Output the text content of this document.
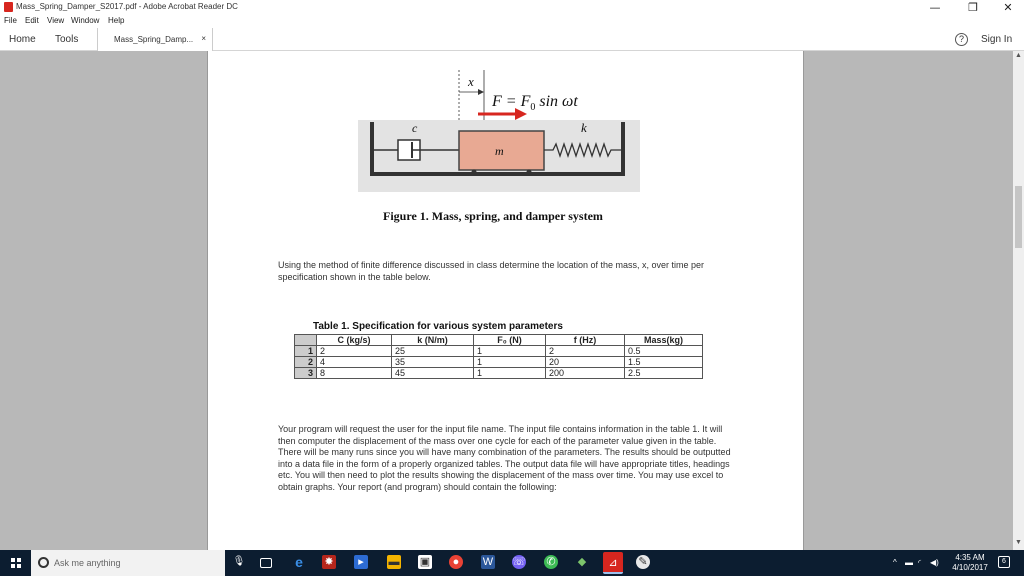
Mass_Spring_Damper_S2017.pdf - Adobe Acrobat Reader DC	—	❐	✕
File Edit View Window Help
Home Tools	Mass_Spring_Damp... ×	?	Sign In
x
$F = F_0$ sin ωt
c
m
k
Figure 1. Mass, spring, and damper system
Using the method of finite difference discussed in class determine the location of the mass, x, over time per specification shown in the table below.
Table 1. Specification for various system parameters
	C (kg/s)	k (N/m)	F₀ (N)	f (Hz)	Mass(kg)
1	2	25	1	2	0.5
2	4	35	1	20	1.5
3	8	45	1	200	2.5
Your program will request the user for the input file name. The input file contains information in the table 1. It will then computer the displacement of the mass over one cycle for each of the parameter value given in the table. There will be many runs since you will have many combination of the parameters. The results should be outputted into a data file in the form of a properly organized tables. The output data file will have appropriate titles, headings etc. You will then need to plot the results showing the displacement of the mass over time. You may use excel to obtain graphs. Your report (and program) should contain the following:
▲
▼
Ask me anything	🎙	e ✸	▸	▬ ▣	●	W ☏ ✆ ◆	⊿	✎	^ ▬ ◜ ◀)	6
4:35 AM
4/10/2017
